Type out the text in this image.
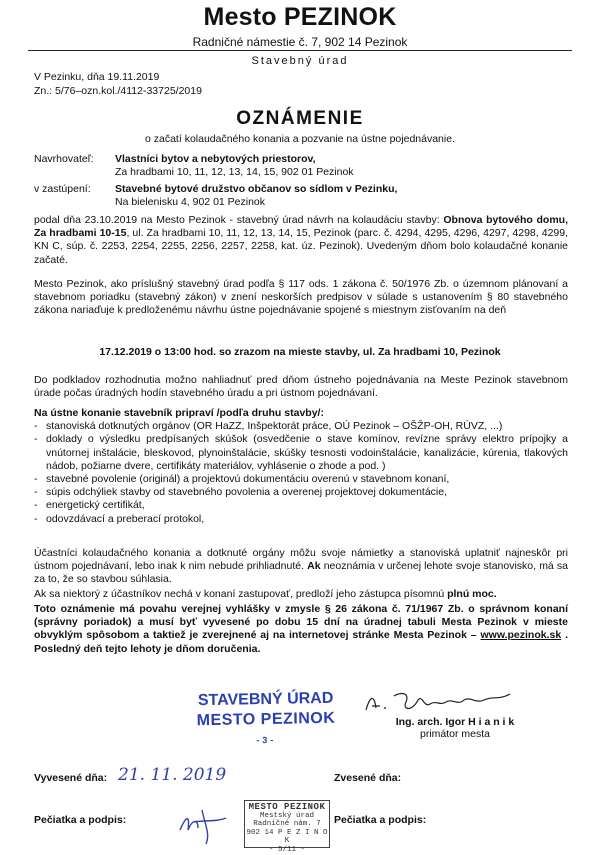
Mesto PEZINOK
Radničné námestie č. 7, 902 14 Pezinok
Stavebný úrad
V Pezinku, dňa 19.11.2019
Zn.: 5/76–ozn.kol./4112-33725/2019
OZNÁMENIE
o začatí kolaudačného konania a pozvanie na ústne pojednávanie.
Navrhovateľ:	Vlastníci bytov a nebytových priestorov,
Za hradbami 10, 11, 12, 13, 14, 15, 902 01 Pezinok
v zastúpení:	Stavebné bytové družstvo občanov so sídlom v Pezinku,
Na bielenisku 4, 902 01 Pezinok
podal dňa 23.10.2019 na Mesto Pezinok - stavebný úrad návrh na kolaudáciu stavby: Obnova bytového domu, Za hradbami 10-15, ul. Za hradbami 10, 11, 12, 13, 14, 15, Pezinok (parc. č. 4294, 4295, 4296, 4297, 4298, 4299, KN C, súp. č. 2253, 2254, 2255, 2256, 2257, 2258, kat. úz. Pezinok). Uvedeným dňom bolo kolaudačné konanie začaté.
Mesto Pezinok, ako príslušný stavebný úrad podľa § 117 ods. 1 zákona č. 50/1976 Zb. o územnom plánovaní a stavebnom poriadku (stavebný zákon) v znení neskorších predpisov v súlade s ustanovením § 80 stavebného zákona nariaďuje k predloženému návrhu ústne pojednávanie spojené s miestnym zisťovaním na deň
17.12.2019 o 13:00 hod. so zrazom na mieste stavby, ul. Za hradbami 10, Pezinok
Do podkladov rozhodnutia možno nahliadnuť pred dňom ústneho pojednávania na Meste Pezinok stavebnom úrade počas úradných hodín stavebného úradu a pri ústnom pojednávaní.
Na ústne konanie stavebník pripraví /podľa druhu stavby/:
- stanoviská dotknutých orgánov (OR HaZZ, Inšpektorát práce, OÚ Pezinok – OŠŽP-OH, RÚVZ, ...)
- doklady o výsledku predpísaných skúšok (osvedčenie o stave komínov, revízne správy elektro prípojky a vnútornej inštalácie, bleskovod, plynoinštalácie, skúšky tesnosti vodoinštalácie, kanalizácie, kúrenia, tlakových nádob, požiarne dvere, certifikáty materiálov, vyhlásenie o zhode a pod. )
- stavebné povolenie (originál) a projektovú dokumentáciu overenú v stavebnom konaní,
- súpis odchýliek stavby od stavebného povolenia a overenej projektovej dokumentácie,
- energetický certifikát,
- odovzdávací a preberací protokol,
Účastníci kolaudačného konania a dotknuté orgány môžu svoje námietky a stanoviská uplatniť najneskôr pri ústnom pojednávaní, lebo inak k nim nebude prihliadnuté. Ak neoznámia v určenej lehote svoje stanovisko, má sa za to, že so stavbou súhlasia.
Ak sa niektorý z účastníkov nechá v konaní zastupovať, predloží jeho zástupca písomnú plnú moc.
Toto oznámenie má povahu verejnej vyhlášky v zmysle § 26 zákona č. 71/1967 Zb. o správnom konaní (správny poriadok) a musí byť vyvesené po dobu 15 dní na úradnej tabuli Mesta Pezinok v mieste obvyklým spôsobom a taktiež je zverejnené aj na internetovej stránke Mesta Pezinok – www.pezinok.sk . Posledný deň tejto lehoty je dňom doručenia.
STAVEBNÝ ÚRAD
MESTO PEZINOK
-3-
Ing. arch. Igor H i a n i k
primátor mesta
Vyvesené dňa: 21. 11. 2019	Zvesené dňa:
Pečiatka a podpis:	Pečiatka a podpis:
MESTO PEZINOK
Mestský úrad
Radničné nám. 7
902 14 P E Z I N O K
- 5/11 -
